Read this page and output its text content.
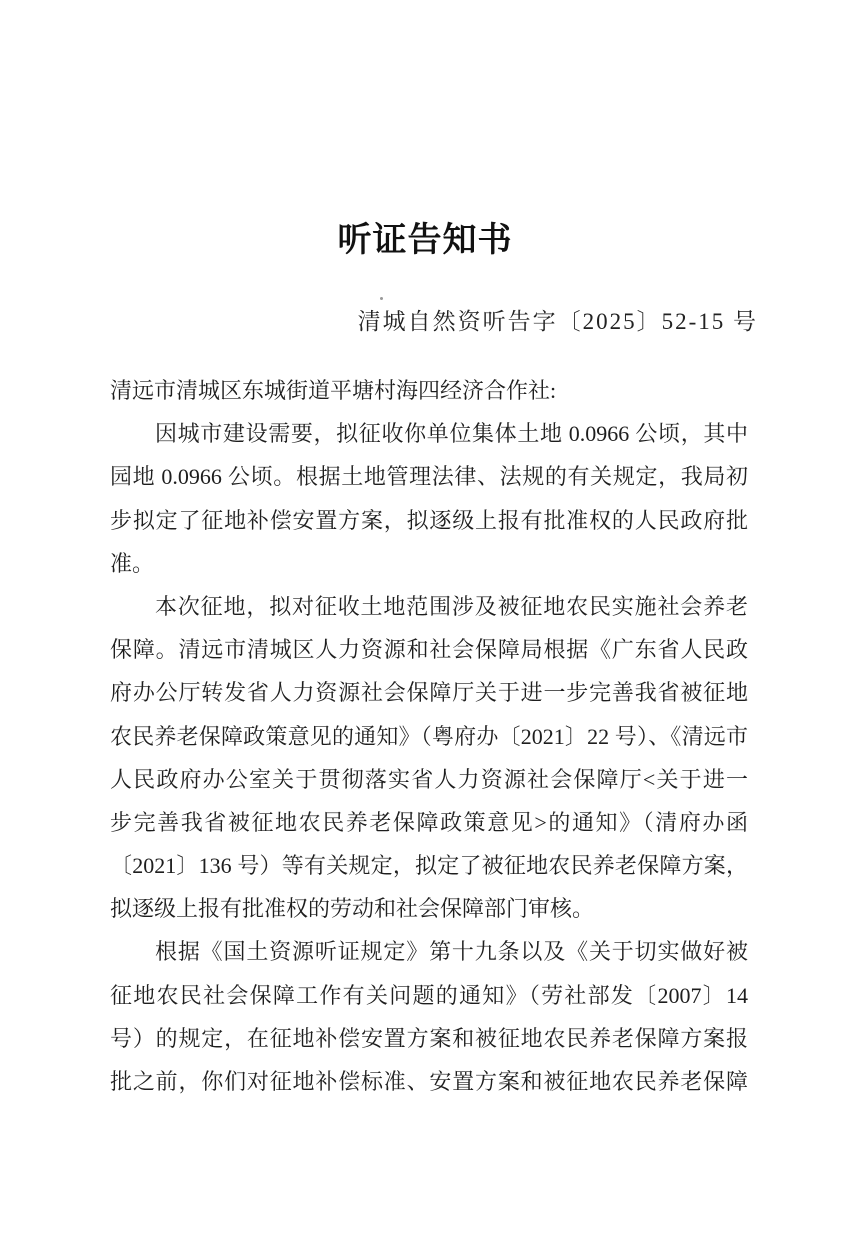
听证告知书
清城自然资听告字〔2025〕52-15 号
清远市清城区东城街道平塘村海四经济合作社:
因城市建设需要，拟征收你单位集体土地 0.0966 公顷，其中
园地 0.0966 公顷。根据土地管理法律、法规的有关规定，我局初
步拟定了征地补偿安置方案，拟逐级上报有批准权的人民政府批
准。
本次征地，拟对征收土地范围涉及被征地农民实施社会养老
保障。清远市清城区人力资源和社会保障局根据《广东省人民政
府办公厅转发省人力资源社会保障厅关于进一步完善我省被征地
农民养老保障政策意见的通知》（粤府办〔2021〕22 号）、《清远市
人民政府办公室关于贯彻落实省人力资源社会保障厅<关于进一
步完善我省被征地农民养老保障政策意见>的通知》（清府办函
〔2021〕136 号）等有关规定，拟定了被征地农民养老保障方案，
拟逐级上报有批准权的劳动和社会保障部门审核。
根据《国土资源听证规定》第十九条以及《关于切实做好被
征地农民社会保障工作有关问题的通知》（劳社部发〔2007〕14
号）的规定，在征地补偿安置方案和被征地农民养老保障方案报
批之前，你们对征地补偿标准、安置方案和被征地农民养老保障
